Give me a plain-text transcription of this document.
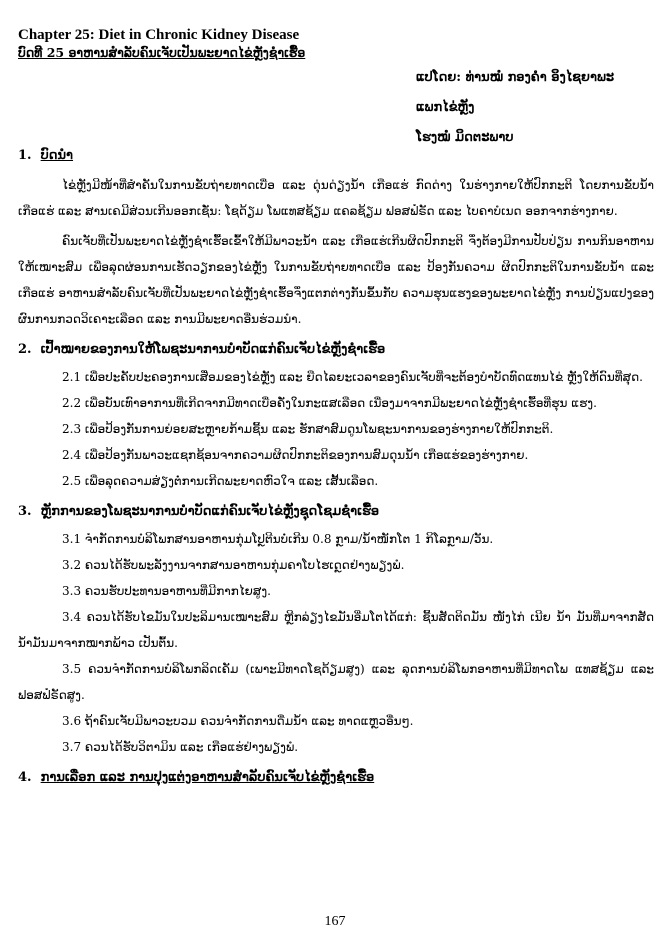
Chapter 25: Diet in Chronic Kidney Disease
ບົດທີ 25 ອາຫານສຳລັບຄົນເຈັບເປັນພະຍາດໄຂ່ຫຼັງຊໍາເຮື້ອ
ແປໂດຍ: ທ່ານໝໍ ກອງຄໍາ ອິງໄຊຍາພະ
ແພກໄຂ່ຫຼັງ
ໂຮງໝໍ ມິດຕະພາບ
1. ບົດນຳ

ໄຂ່ຫຼັງມີໜ້າທີ່ສຳຄັນໃນການຂັບຖ່າຍທາດເບື່ອ ແລະ ດຸ່ນດ່ຽງນໍ້າ ເກືອແຮ່ ກົດດ່າງ ໃນຮ່າງກາຍໃຫ້ປົກກະຕິ ໂດຍການຂັບນໍ້າ ເກືອແຮ່ ແລະ ສານເຄມີສ່ວນເກີນອອກເຊັ່ນ: ໂຊດ້ຽມ ໂພແທສຊ້ຽມ ແຄລຊ້ຽມ ຟອສຟໍຣັດ ແລະ ໄບຄາບໍເນດ ອອກຈາກຮ່າງກາຍ.

ຄົນເຈັບທີ່ເປັນພະຍາດໄຂ່ຫຼັງຊໍາເຮື້ອເຂົ້າໃຫ້ມີພາວະນໍ້າ ແລະ ເກືອແຮ່ເກີນຜິດປົກກະຕິ ຈຶ່ງຕ້ອງມີການປັບປ່ຽນ ການກິນອາຫານໃຫ້ເໝາະສົມ ເພື່ອລຸດຜ່ອນການເຮັດວຽກຂອງໄຂ່ຫຼັງ ໃນການຂັບຖ່າຍທາດເບື່ອ ແລະ ປ້ອງກັນຄວາມ ຜິດປົກກະຕິໃນການຂັບນໍ້າ ແລະ ເກືອແຮ່ ອາຫານສຳລັບຄົນເຈັບທີ່ເປັນພະຍາດໄຂ່ຫຼັງຊໍາເຮື້ອຈຶ່ງແຕກຕ່າງກັນຂຶ້ນກັບ ຄວາມຮຸນແຮງຂອງພະຍາດໄຂ່ຫຼັງ ການປ່ຽນແປງຂອງຜົນການກວດວິເຄາະເລືອດ ແລະ ການມີພະຍາດອື່ນຮ່ວມນໍາ.

2. ເປົ້າໝາຍຂອງການໃຫ້ໂພຊະນາການບໍາບັດແກ່ຄົນເຈັບໄຂ່ຫຼັງຊໍາເຮື້ອ

2.1 ເພື່ອປະຄັບປະຄອງການເສື່ອມຂອງໄຂ່ຫຼັງ ແລະ ຍືດໄລຍະເວລາຂອງຄົນເຈັບທີ່ຈະຕ້ອງບໍາບັດທົດແທນໄຂ່ ຫຼັງໃຫ້ດົນທີ່ສຸດ.

2.2 ເພື່ອບັນເທົາອາການທີ່ເກີດຈາກມີທາດເບື່ອຄັ່ງໃນກະແສເລືອດ ເນື່ອງມາຈາກມີພະຍາດໄຂ່ຫຼັງຊໍາເຮື້ອທີ່ຮຸນ ແຮງ.

2.3 ເພື່ອປ້ອງກັນການຍ່ອຍສະຫຼາຍກ້າມຊີ້ນ ແລະ ຮັກສາສົມດູນໂພຊະນາການຂອງຮ່າງກາຍໃຫ້ປົກກະຕິ.

2.4 ເພື່ອປ້ອງກັນພາວະແຊກຊ້ອນຈາກຄວາມຜິດປົກກະຕິຂອງການສົມດຸນນໍ້າ ເກືອແຮ່ຂອງຮ່າງກາຍ.

2.5 ເພື່ອລຸດຄວາມສ່ຽງຕໍ່ການເກີດພະຍາດຫົວໃຈ ແລະ ເສັ້ນເລືອດ.

3. ຫຼັກການຂອງໂພຊະນາການບໍາບັດແກ່ຄົນເຈັບໄຂ່ຫຼັງຊຸດໂຊມຊໍາເຮື້ອ

3.1 ຈໍາກັດການບໍລິໂພກສານອາຫານກຸ່ມໂປຼຕີນບໍ່ເກີນ 0.8 ກຼາມ/ນໍ້າໜັກໂຕ 1 ກິໂລກຼາມ/ວັນ.

3.2 ຄວນໄດ້ຮັບພະລັງງານຈາກສານອາຫານກຸ່ມຄາໂບໄຮເດຼດຢ່າງພຽງພໍ.

3.3 ຄວນຮັບປະທານອາຫານທີ່ມີກາກໄຍສູງ.

3.4 ຄວນໄດ້ຮັບໄຂມັນໃນປະລິມານເໝາະສົມ ຫຼີກລ່ຽງໄຂມັນອີ່ມໂຕໄດ້ແກ່: ຊີ້ນສັດຕິດມັນ ໜັງໄກ່ ເນີຍ ນໍ້າ ມັນທີ່ມາຈາກສັດ ນໍ້າມັນມາຈາກໝາກພ້າວ ເປັນຕົ້ນ.

3.5 ຄວນຈໍາກັດການບໍລິໂພກລິດເຄັມ (ເພາະມີທາດໂຊດ້ຽມສູງ) ແລະ ລຸດການບໍລິໂພກອາຫານທີ່ມີທາດໂພ ແທສຊ້ຽມ ແລະ ຟອສຟໍຣັດສູງ.

3.6 ຖ້າຄົນເຈັບມີພາວະບວມ ຄວນຈໍາກັດການດື່ມນໍ້າ ແລະ ທາດແຫຼວອື່ນໆ.

3.7 ຄວນໄດ້ຮັບວິຕາມິນ ແລະ ເກືອແຮ່ຢ່າງພຽງພໍ.

4. ການເລືອກ ແລະ ການປຸງແຕ່ງອາຫານສໍາລັບຄົນເຈັບໄຂ່ຫຼັງຊໍາເຮື້ອ
167
